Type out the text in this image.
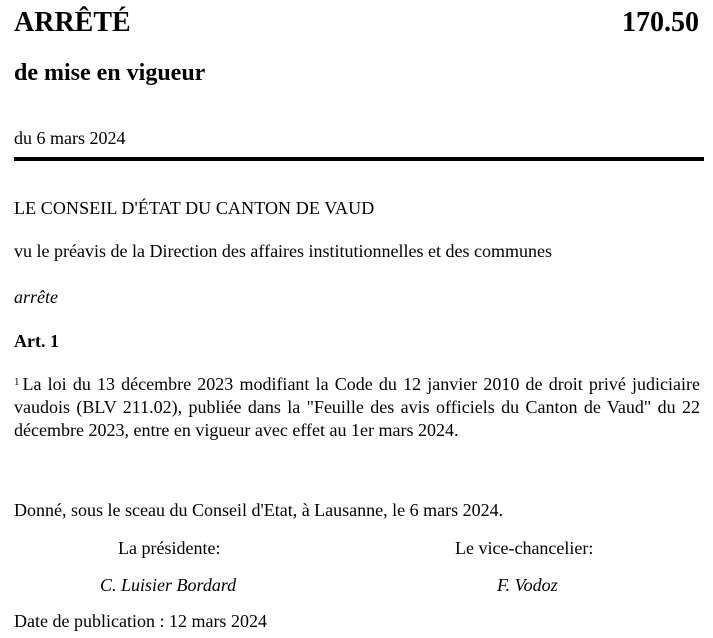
ARRÊTÉ	170.50
de mise en vigueur
du 6 mars 2024
LE CONSEIL D'ÉTAT DU CANTON DE VAUD
vu le préavis de la Direction des affaires institutionnelles et des communes
arrête
Art. 1
$^1$ La loi du 13 décembre 2023 modifiant la Code du 12 janvier 2010 de droit privé judiciaire vaudois (BLV 211.02), publiée dans la "Feuille des avis officiels du Canton de Vaud" du 22 décembre 2023, entre en vigueur avec effet au 1er mars 2024.
Donné, sous le sceau du Conseil d'Etat, à Lausanne, le 6 mars 2024.
La présidente:	Le vice-chancelier:
C. Luisier Bordard	F. Vodoz
Date de publication : 12 mars 2024
